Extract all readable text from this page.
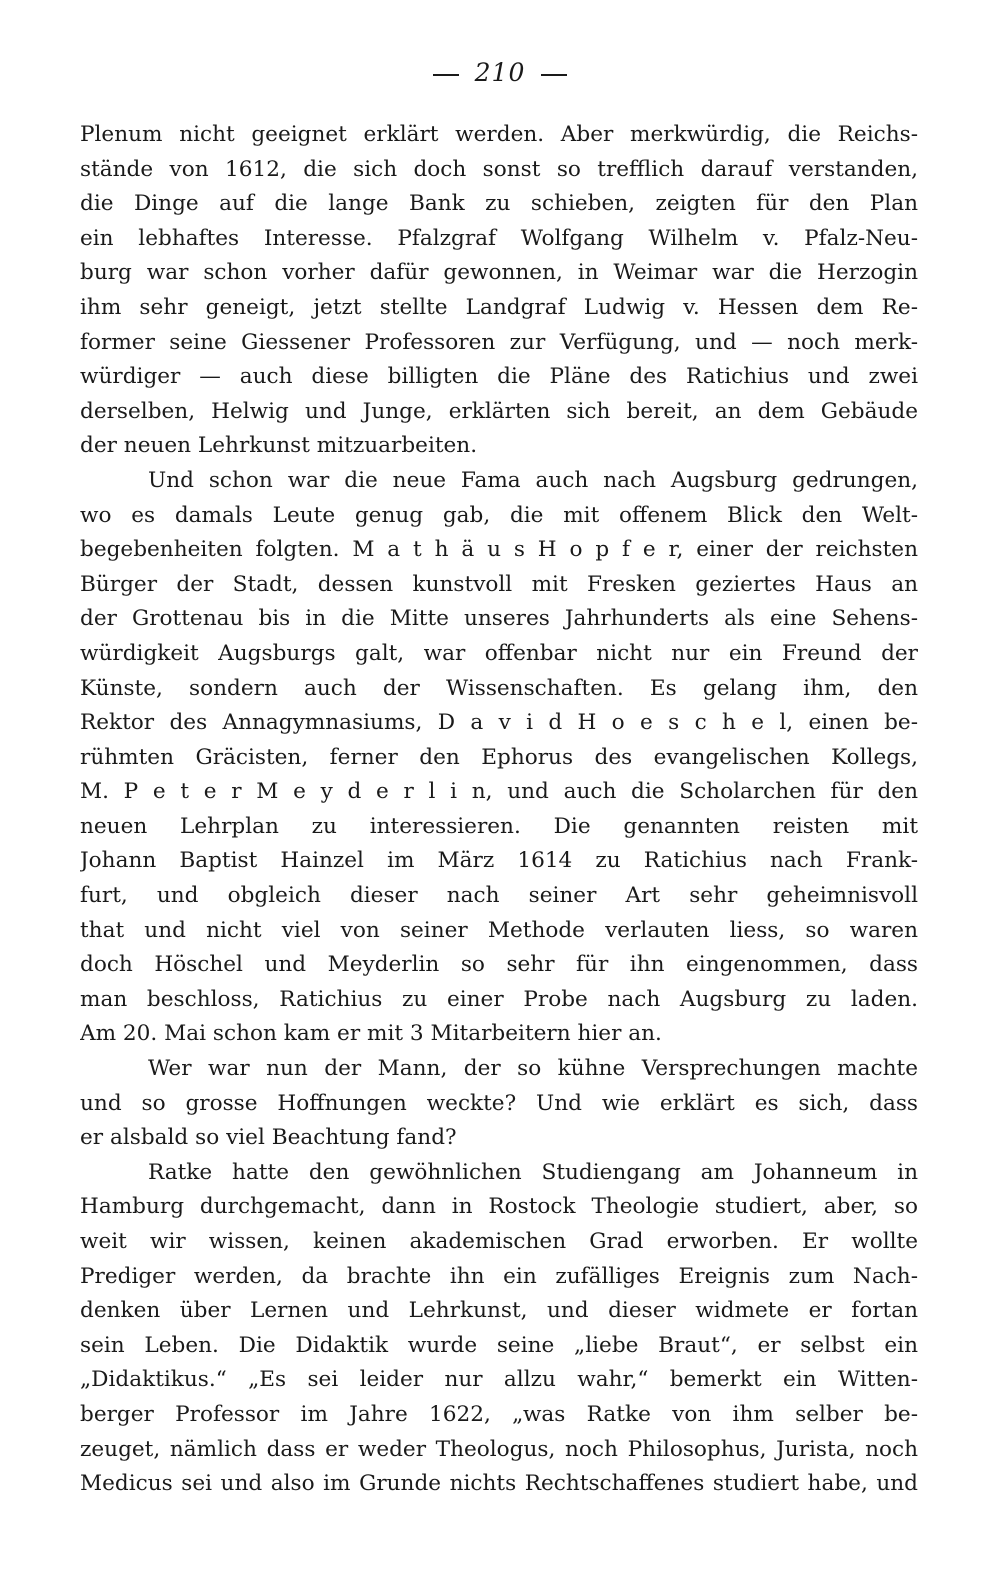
210
Plenum nicht geeignet erklärt werden. Aber merkwürdig, die Reichs-
stände von 1612, die sich doch sonst so trefflich darauf verstanden,
die Dinge auf die lange Bank zu schieben, zeigten für den Plan
ein lebhaftes Interesse. Pfalzgraf Wolfgang Wilhelm v. Pfalz-Neu-
burg war schon vorher dafür gewonnen, in Weimar war die Herzogin
ihm sehr geneigt, jetzt stellte Landgraf Ludwig v. Hessen dem Re-
former seine Giessener Professoren zur Verfügung, und — noch merk-
würdiger — auch diese billigten die Pläne des Ratichius und zwei
derselben, Helwig und Junge, erklärten sich bereit, an dem Gebäude
der neuen Lehrkunst mitzuarbeiten.
Und schon war die neue Fama auch nach Augsburg gedrungen,
wo es damals Leute genug gab, die mit offenem Blick den Welt-
begebenheiten folgten. M a t h ä u s H o p f e r, einer der reichsten
Bürger der Stadt, dessen kunstvoll mit Fresken geziertes Haus an
der Grottenau bis in die Mitte unseres Jahrhunderts als eine Sehens-
würdigkeit Augsburgs galt, war offenbar nicht nur ein Freund der
Künste, sondern auch der Wissenschaften. Es gelang ihm, den
Rektor des Annagymnasiums, D a v i d H o e s c h e l, einen be-
rühmten Gräcisten, ferner den Ephorus des evangelischen Kollegs,
M. P e t e r M e y d e r l i n, und auch die Scholarchen für den
neuen Lehrplan zu interessieren. Die genannten reisten mit
Johann Baptist Hainzel im März 1614 zu Ratichius nach Frank-
furt, und obgleich dieser nach seiner Art sehr geheimnisvoll
that und nicht viel von seiner Methode verlauten liess, so waren
doch Höschel und Meyderlin so sehr für ihn eingenommen, dass
man beschloss, Ratichius zu einer Probe nach Augsburg zu laden.
Am 20. Mai schon kam er mit 3 Mitarbeitern hier an.
Wer war nun der Mann, der so kühne Versprechungen machte
und so grosse Hoffnungen weckte? Und wie erklärt es sich, dass
er alsbald so viel Beachtung fand?
Ratke hatte den gewöhnlichen Studiengang am Johanneum in
Hamburg durchgemacht, dann in Rostock Theologie studiert, aber, so
weit wir wissen, keinen akademischen Grad erworben. Er wollte
Prediger werden, da brachte ihn ein zufälliges Ereignis zum Nach-
denken über Lernen und Lehrkunst, und dieser widmete er fortan
sein Leben. Die Didaktik wurde seine „liebe Braut“, er selbst ein
„Didaktikus.“ „Es sei leider nur allzu wahr,“ bemerkt ein Witten-
berger Professor im Jahre 1622, „was Ratke von ihm selber be-
zeuget, nämlich dass er weder Theologus, noch Philosophus, Jurista, noch
Medicus sei und also im Grunde nichts Rechtschaffenes studiert habe, und
